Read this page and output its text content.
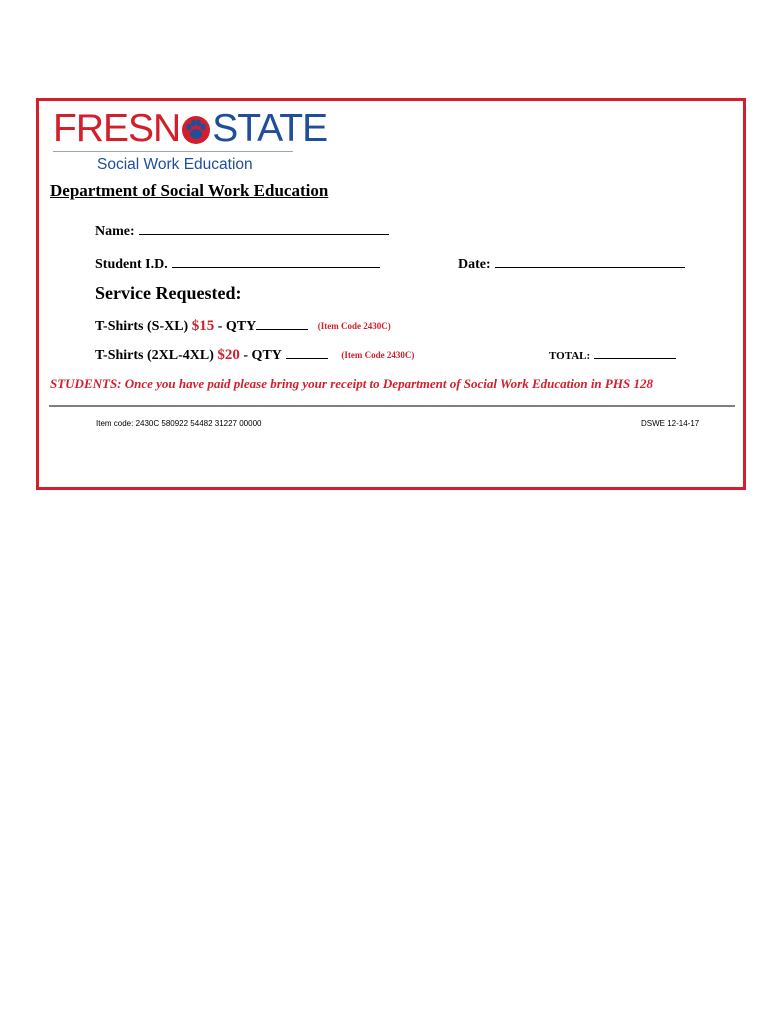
FRESN STATE
Social Work Education
Department of Social Work Education
Name:
Student I.D.	Date:
Service Requested:
T-Shirts (S-XL) $15 - QTY	(Item Code 2430C)
T-Shirts (2XL-4XL) $20 - QTY	(Item Code 2430C)	TOTAL:
STUDENTS: Once you have paid please bring your receipt to Department of Social Work Education in PHS 128
Item code: 2430C 580922 54482 31227 00000	DSWE 12-14-17
